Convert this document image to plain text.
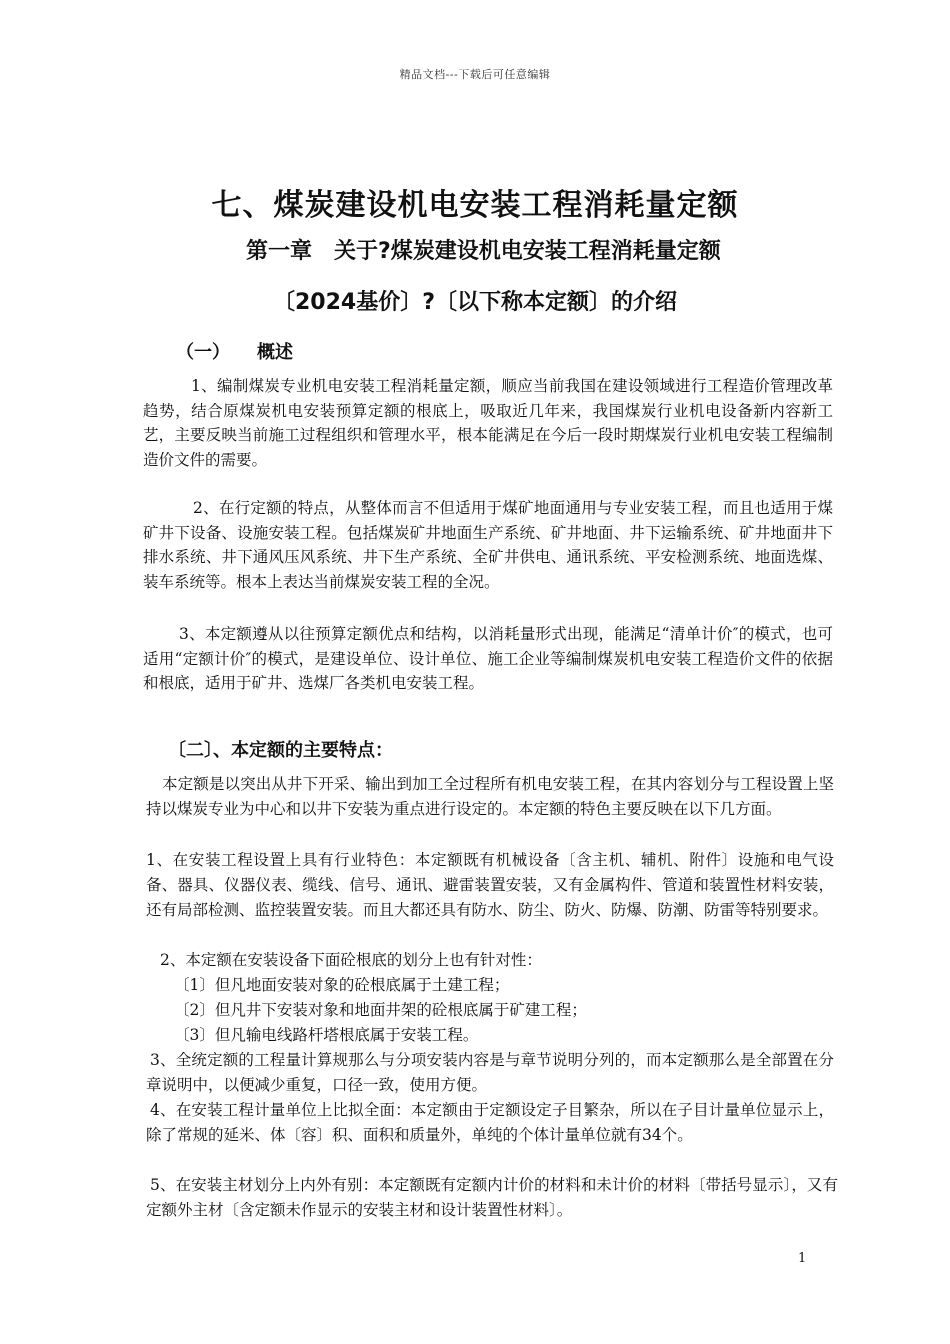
精品文档---下载后可任意编辑
七、煤炭建设机电安装工程消耗量定额
第一章　关于?煤炭建设机电安装工程消耗量定额
〔2024基价〕?〔以下称本定额〕的介绍
（一）　　概述

1、编制煤炭专业机电安装工程消耗量定额，顺应当前我国在建设领域进行工程造价管理改革趋势，结合原煤炭机电安装预算定额的根底上，吸取近几年来，我国煤炭行业机电设备新内容新工艺，主要反映当前施工过程组织和管理水平，根本能满足在今后一段时期煤炭行业机电安装工程编制造价文件的需要。

2、在行定额的特点，从整体而言不但适用于煤矿地面通用与专业安装工程，而且也适用于煤矿井下设备、设施安装工程。包括煤炭矿井地面生产系统、矿井地面、井下运输系统、矿井地面井下排水系统、井下通风压风系统、井下生产系统、全矿井供电、通讯系统、平安检测系统、地面选煤、装车系统等。根本上表达当前煤炭安装工程的全况。

3、本定额遵从以往预算定额优点和结构，以消耗量形式出现，能满足“清单计价″的模式，也可适用“定额计价″的模式，是建设单位、设计单位、施工企业等编制煤炭机电安装工程造价文件的依据和根底，适用于矿井、选煤厂各类机电安装工程。

〔二〕、本定额的主要特点：

本定额是以突出从井下开采、输出到加工全过程所有机电安装工程，在其内容划分与工程设置上坚持以煤炭专业为中心和以井下安装为重点进行设定的。本定额的特色主要反映在以下几方面。

1、在安装工程设置上具有行业特色：本定额既有机械设备〔含主机、辅机、附件〕设施和电气设备、器具、仪器仪表、缆线、信号、通讯、避雷装置安装，又有金属构件、管道和装置性材料安装，还有局部检测、监控装置安装。而且大都还具有防水、防尘、防火、防爆、防潮、防雷等特别要求。

2、本定额在安装设备下面砼根底的划分上也有针对性：

〔1〕但凡地面安装对象的砼根底属于土建工程；
〔2〕但凡井下安装对象和地面井架的砼根底属于矿建工程；
〔3〕但凡输电线路杆塔根底属于安装工程。

3、全统定额的工程量计算规那么与分项安装内容是与章节说明分列的，而本定额那么是全部置在分章说明中，以便减少重复，口径一致，使用方便。

4、在安装工程计量单位上比拟全面：本定额由于定额设定子目繁杂，所以在子目计量单位显示上，除了常规的延米、体〔容〕积、面积和质量外，单纯的个体计量单位就有34个。

5、在安装主材划分上内外有别：本定额既有定额内计价的材料和未计价的材料〔带括号显示〕，又有定额外主材〔含定额未作显示的安装主材和设计装置性材料〕。

1
